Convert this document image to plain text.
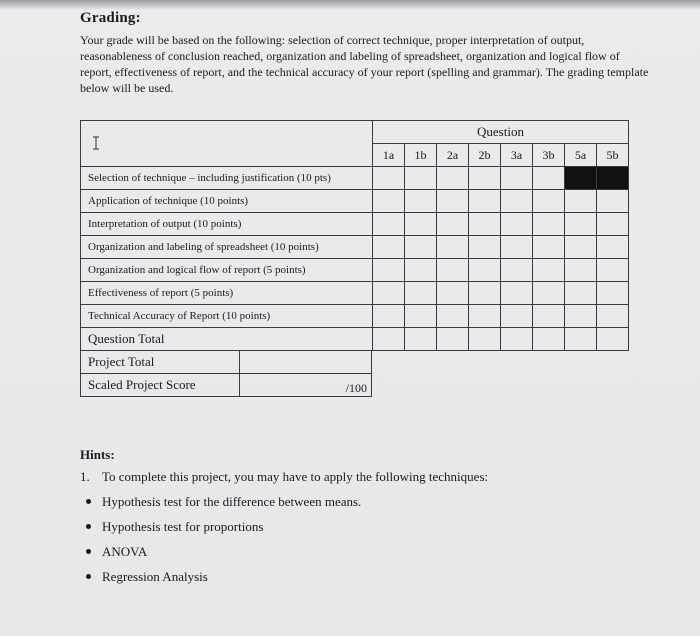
Grading:
Your grade will be based on the following: selection of correct technique, proper interpretation of output, reasonableness of conclusion reached, organization and labeling of spreadsheet, organization and logical flow of report, effectiveness of report, and the technical accuracy of your report (spelling and grammar). The grading template below will be used.
	Question							
	1a	1b	2a	2b	3a	3b	5a	5b
Selection of technique – including justification (10 pts)								
Application of technique (10 points)								
Interpretation of output (10 points)								
Organization and labeling of spreadsheet (10 points)								
Organization and logical flow of report (5 points)								
Effectiveness of report (5 points)								
Technical Accuracy of Report (10 points)								
Question Total								
Project Total	
Scaled Project Score	/100
Hints:
1. To complete this project, you may have to apply the following techniques:
Hypothesis test for the difference between means.
Hypothesis test for proportions
ANOVA
Regression Analysis
